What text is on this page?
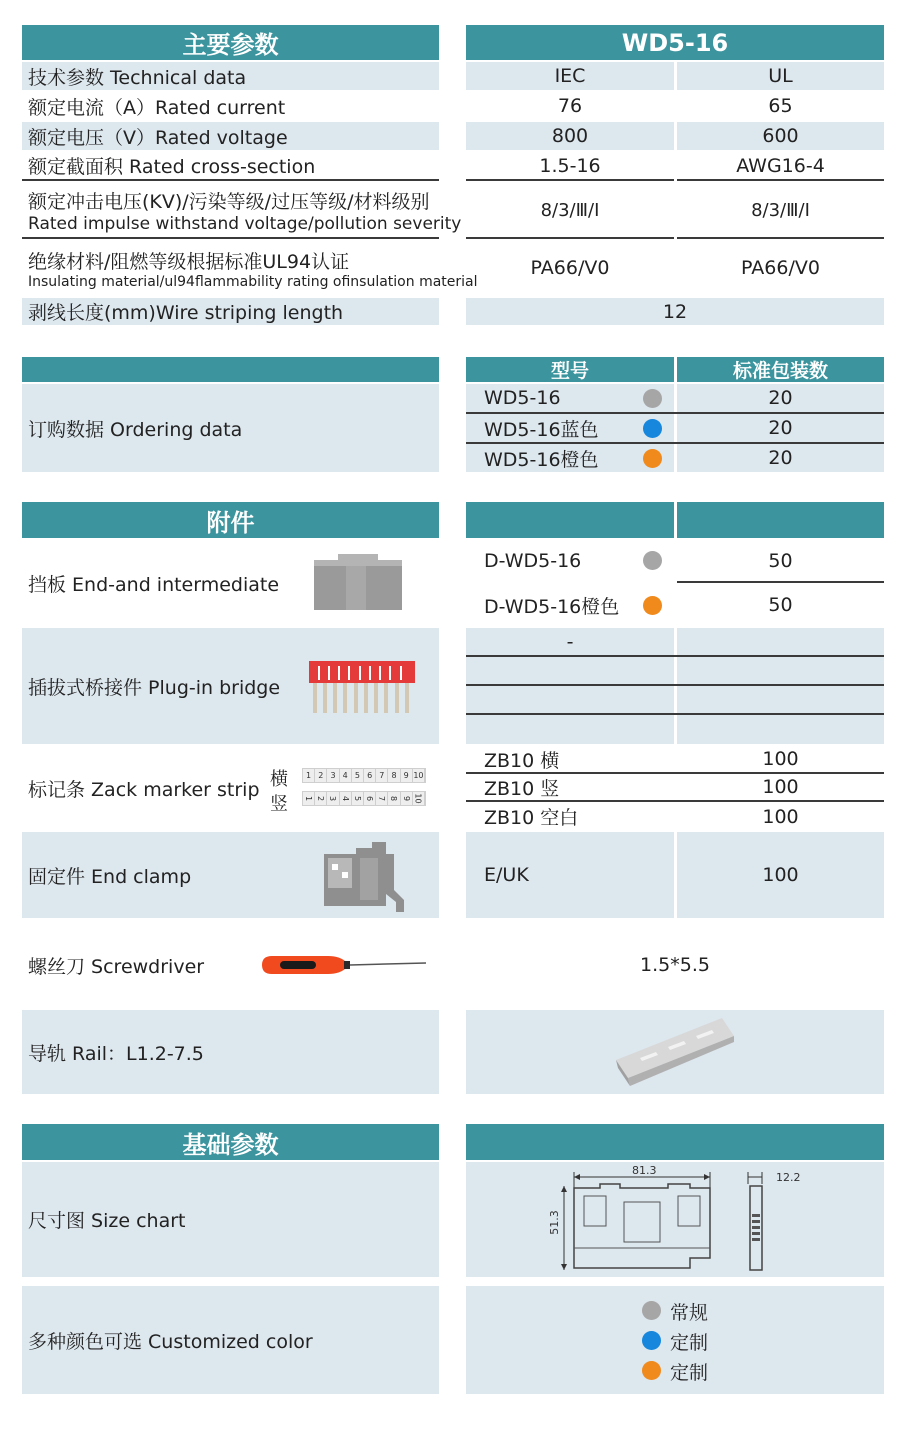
主要参数	WD5-16
技术参数 Technical data	IEC	UL
额定电流（A）Rated current	76	65
额定电压（V）Rated voltage	800	600
额定截面积 Rated cross-section	1.5-16	AWG16-4
额定冲击电压(KV)/污染等级/过压等级/材料级别
Rated impulse withstand voltage/pollution severity
8/3/Ⅲ/Ⅰ	8/3/Ⅲ/Ⅰ
绝缘材料/阻燃等级根据标准UL94认证
Insulating material/ul94flammability rating ofinsulation material
PA66/V0	PA66/V0
剥线长度(mm)Wire striping length	12
订购数据 Ordering data
型号	标准包装数
WD5-16	20
WD5-16蓝色	20
WD5-16橙色	20
附件
挡板 End-and intermediate
D-WD5-16	50
D-WD5-16橙色	50
插拔式桥接件 Plug-in bridge
-
标记条 Zack marker strip 横
竖
1 2 3 4 5 6 7 8 9 10
1 2 3 4 5 6 7 8 9 10
ZB10 横	100
ZB10 竖	100
ZB10 空白	100
固定件 End clamp	E/UK	100
螺丝刀 Screwdriver	1.5*5.5
导轨 Rail：L1.2-7.5
基础参数
尺寸图 Size chart
81.3
51.3
12.2
多种颜色可选 Customized color
常规
定制
定制
